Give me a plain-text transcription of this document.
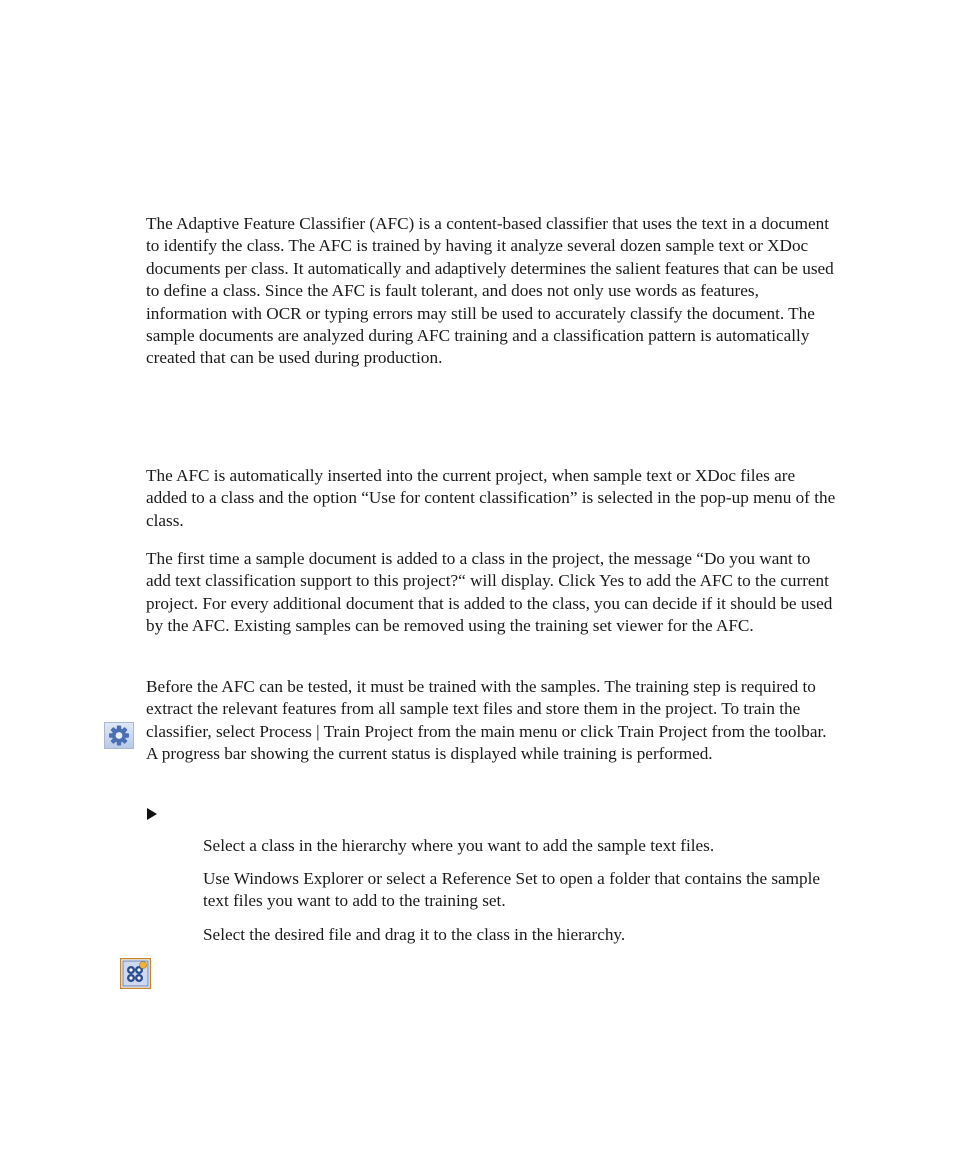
The Adaptive Feature Classifier (AFC) is a content-based classifier that uses the text in a document to identify the class. The AFC is trained by having it analyze several dozen sample text or XDoc documents per class. It automatically and adaptively determines the salient features that can be used to define a class. Since the AFC is fault tolerant, and does not only use words as features, information with OCR or typing errors may still be used to accurately classify the document. The sample documents are analyzed during AFC training and a classification pattern is automatically created that can be used during production.

The AFC is automatically inserted into the current project, when sample text or XDoc files are added to a class and the option “Use for content classification” is selected in the pop-up menu of the class.

The first time a sample document is added to a class in the project, the message “Do you want to add text classification support to this project?“ will display. Click Yes to add the AFC to the current project. For every additional document that is added to the class, you can decide if it should be used by the AFC. Existing samples can be removed using the training set viewer for the AFC.

Before the AFC can be tested, it must be trained with the samples. The training step is required to extract the relevant features from all sample text files and store them in the project. To train the classifier, select Process | Train Project from the main menu or click Train Project from the toolbar. A progress bar showing the current status is displayed while training is performed.

Select a class in the hierarchy where you want to add the sample text files.

Use Windows Explorer or select a Reference Set to open a folder that contains the sample text files you want to add to the training set.

Select the desired file and drag it to the class in the hierarchy.
